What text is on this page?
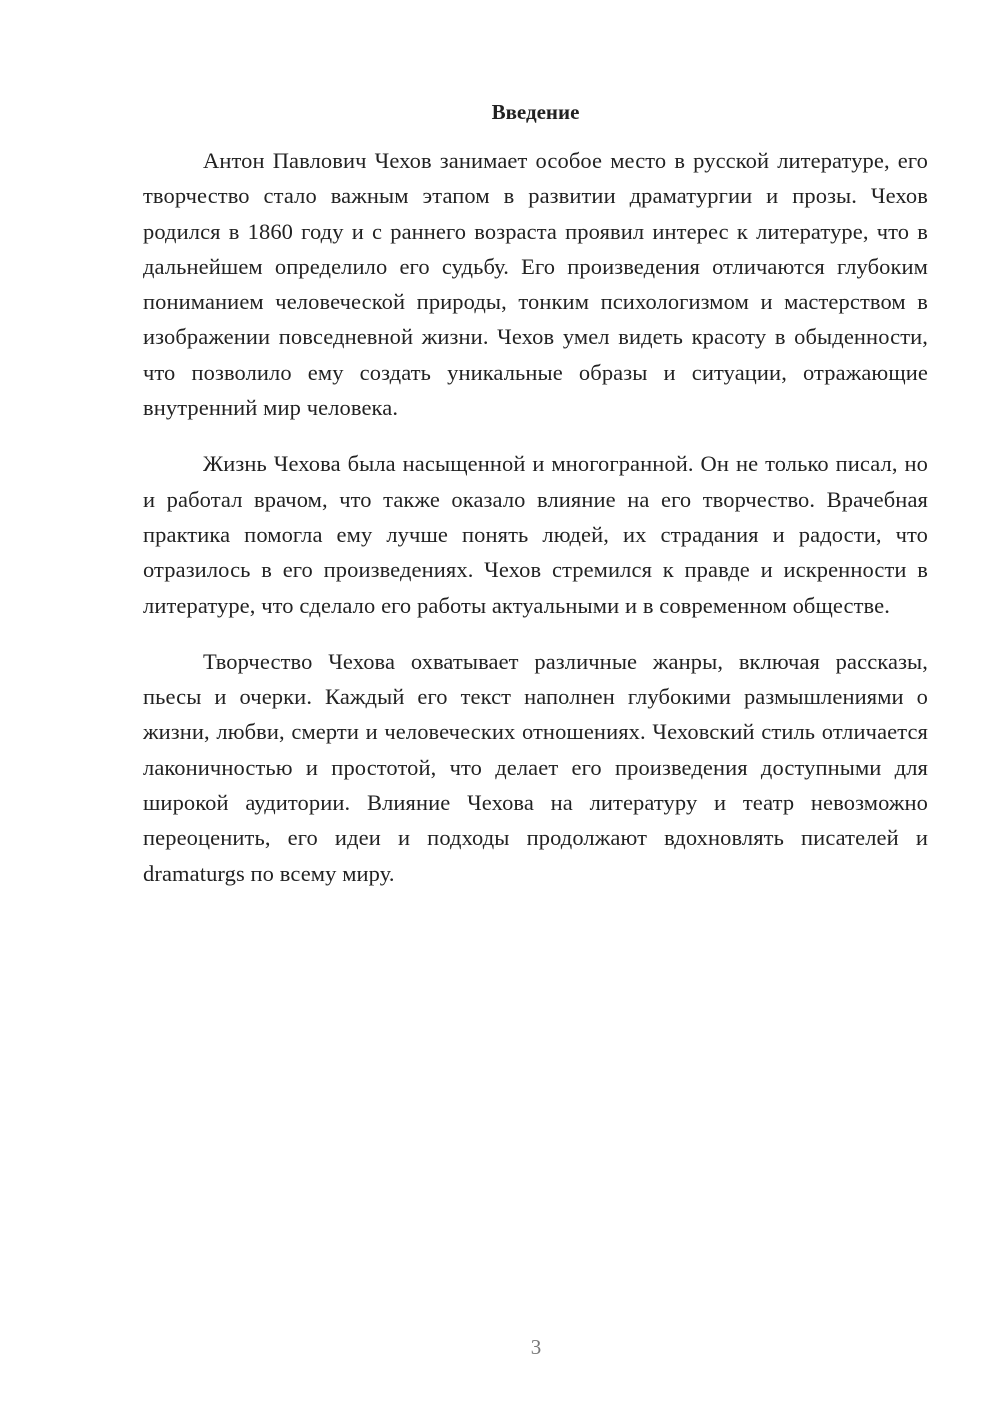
Введение

Антон Павлович Чехов занимает особое место в русской литературе, его творчество стало важным этапом в развитии драматургии и прозы. Чехов родился в 1860 году и с раннего возраста проявил интерес к литературе, что в дальнейшем определило его судьбу. Его произведения отличаются глубоким пониманием человеческой природы, тонким психологизмом и мастерством в изображении повседневной жизни. Чехов умел видеть красоту в обыденности, что позволило ему создать уникальные образы и ситуации, отражающие внутренний мир человека.

Жизнь Чехова была насыщенной и многогранной. Он не только писал, но и работал врачом, что также оказало влияние на его творчество. Врачебная практика помогла ему лучше понять людей, их страдания и радости, что отразилось в его произведениях. Чехов стремился к правде и искренности в литературе, что сделало его работы актуальными и в современном обществе.

Творчество Чехова охватывает различные жанры, включая рассказы, пьесы и очерки. Каждый его текст наполнен глубокими размышлениями о жизни, любви, смерти и человеческих отношениях. Чеховский стиль отличается лаконичностью и простотой, что делает его произведения доступными для широкой аудитории. Влияние Чехова на литературу и театр невозможно переоценить, его идеи и подходы продолжают вдохновлять писателей и dramaturgs по всему миру.

3
